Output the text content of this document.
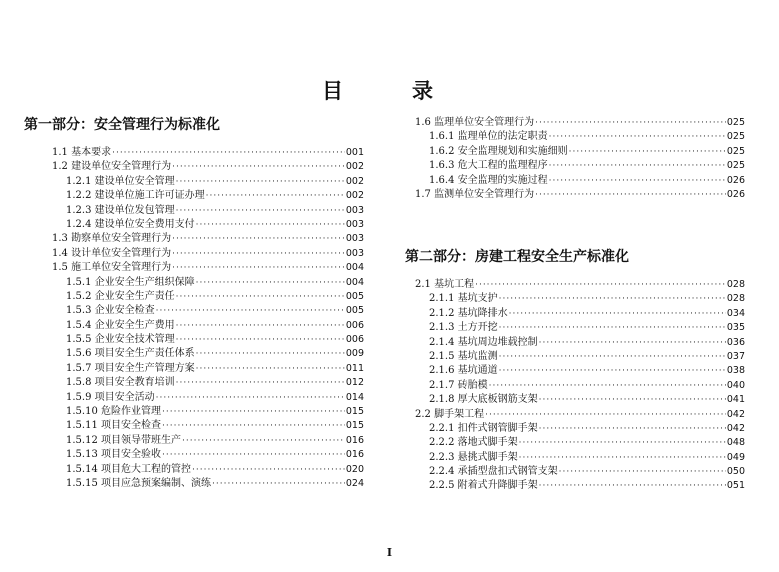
目　录
第一部分：安全管理行为标准化
1.1 基本要求 ·····	001
1.2 建设单位安全管理行为 ·····	002
1.2.1 建设单位安全管理 ·····	002
1.2.2 建设单位施工许可证办理 ·····	002
1.2.3 建设单位发包管理 ·····	003
1.2.4 建设单位安全费用支付 ·····	003
1.3 勘察单位安全管理行为 ·····	003
1.4 设计单位安全管理行为 ·····	003
1.5 施工单位安全管理行为 ·····	004
1.5.1 企业安全生产组织保障 ·····	004
1.5.2 企业安全生产责任 ·····	005
1.5.3 企业安全检查 ·····	005
1.5.4 企业安全生产费用 ·····	006
1.5.5 企业安全技术管理 ·····	006
1.5.6 项目安全生产责任体系 ·····	009
1.5.7 项目安全生产管理方案 ·····	011
1.5.8 项目安全教育培训 ·····	012
1.5.9 项目安全活动 ·····	014
1.5.10 危险作业管理 ·····	015
1.5.11 项目安全检查 ·····	015
1.5.12 项目领导带班生产 ·····	016
1.5.13 项目安全验收 ·····	016
1.5.14 项目危大工程的管控 ·····	020
1.5.15 项目应急预案编制、演练 ·····	024
1.6 监理单位安全管理行为 ·····	025
1.6.1 监理单位的法定职责 ·····	025
1.6.2 安全监理规划和实施细则 ·····	025
1.6.3 危大工程的监理程序 ·····	025
1.6.4 安全监理的实施过程 ·····	026
1.7 监测单位安全管理行为 ·····	026
第二部分：房建工程安全生产标准化
2.1 基坑工程 ·····	028
2.1.1 基坑支护 ·····	028
2.1.2 基坑降排水 ·····	034
2.1.3 土方开挖 ·····	035
2.1.4 基坑周边堆载控制 ·····	036
2.1.5 基坑监测 ·····	037
2.1.6 基坑通道 ·····	038
2.1.7 砖胎模 ·····	040
2.1.8 厚大底板钢筋支架 ·····	041
2.2 脚手架工程 ·····	042
2.2.1 扣件式钢管脚手架 ·····	042
2.2.2 落地式脚手架 ·····	048
2.2.3 悬挑式脚手架 ·····	049
2.2.4 承插型盘扣式钢管支架 ·····	050
2.2.5 附着式升降脚手架 ·····	051
I
